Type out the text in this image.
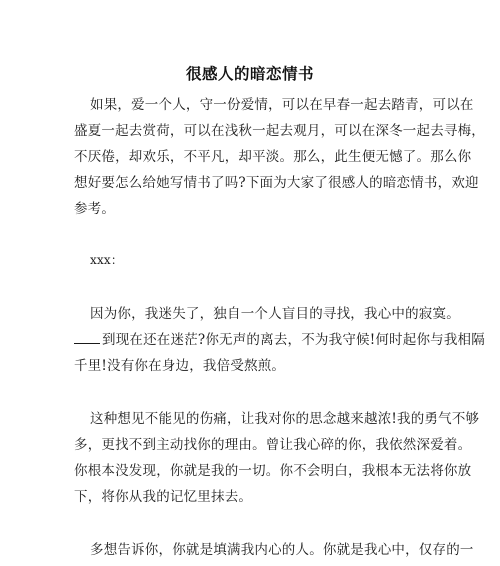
很感人的暗恋情书
如果，爱一个人，守一份爱情，可以在早春一起去踏青，可以在
盛夏一起去赏荷，可以在浅秋一起去观月，可以在深冬一起去寻梅，
不厌倦，却欢乐，不平凡，却平淡。那么，此生便无憾了。那么你
想好要怎么给她写情书了吗?下面为大家了很感人的暗恋情书，欢迎
参考。
xxx：
因为你，我迷失了，独自一个人盲目的寻找，我心中的寂寞。
到现在还在迷茫?你无声的离去，不为我守候!何时起你与我相隔
千里!没有你在身边，我倍受熬煎。
这种想见不能见的伤痛，让我对你的思念越来越浓!我的勇气不够
多，更找不到主动找你的理由。曾让我心碎的你，我依然深爱着。
你根本没发现，你就是我的一切。你不会明白，我根本无法将你放
下，将你从我的记忆里抹去。
多想告诉你，你就是填满我内心的人。你就是我心中，仅存的一
